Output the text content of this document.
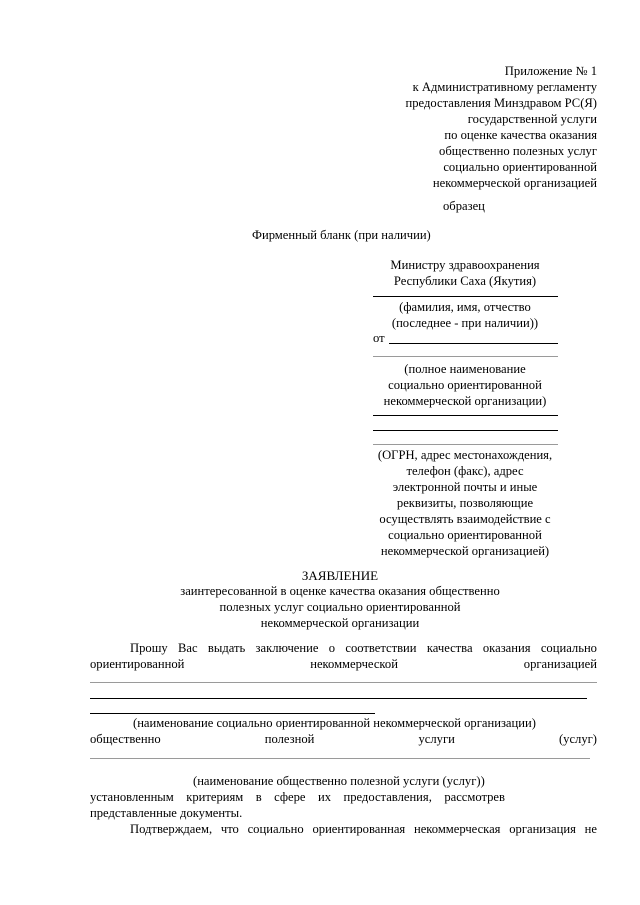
Приложение № 1
к Административному регламенту
предоставления Минздравом РС(Я)
государственной услуги
по оценке качества оказания
общественно полезных услуг
социально ориентированной
некоммерческой организацией
образец
Фирменный бланк (при наличии)
Министру здравоохранения
Республики Саха (Якутия)
(фамилия, имя, отчество
(последнее - при наличии))
от
(полное наименование
социально ориентированной
некоммерческой организации)
(ОГРН, адрес местонахождения,
телефон (факс), адрес
электронной почты и иные
реквизиты, позволяющие
осуществлять взаимодействие с
социально ориентированной
некоммерческой организацией)
ЗАЯВЛЕНИЕ
заинтересованной в оценке качества оказания общественно
полезных услуг социально ориентированной
некоммерческой организации
Прошу Вас выдать заключение о соответствии качества оказания социально
ориентированной	некоммерческой	организацией
(наименование социально ориентированной некоммерческой организации)
общественно	полезной	услуги	(услуг)
(наименование общественно полезной услуги (услуг))
установленным критериям в сфере их предоставления, рассмотрев
представленные документы.
Подтверждаем, что социально ориентированная некоммерческая организация не
